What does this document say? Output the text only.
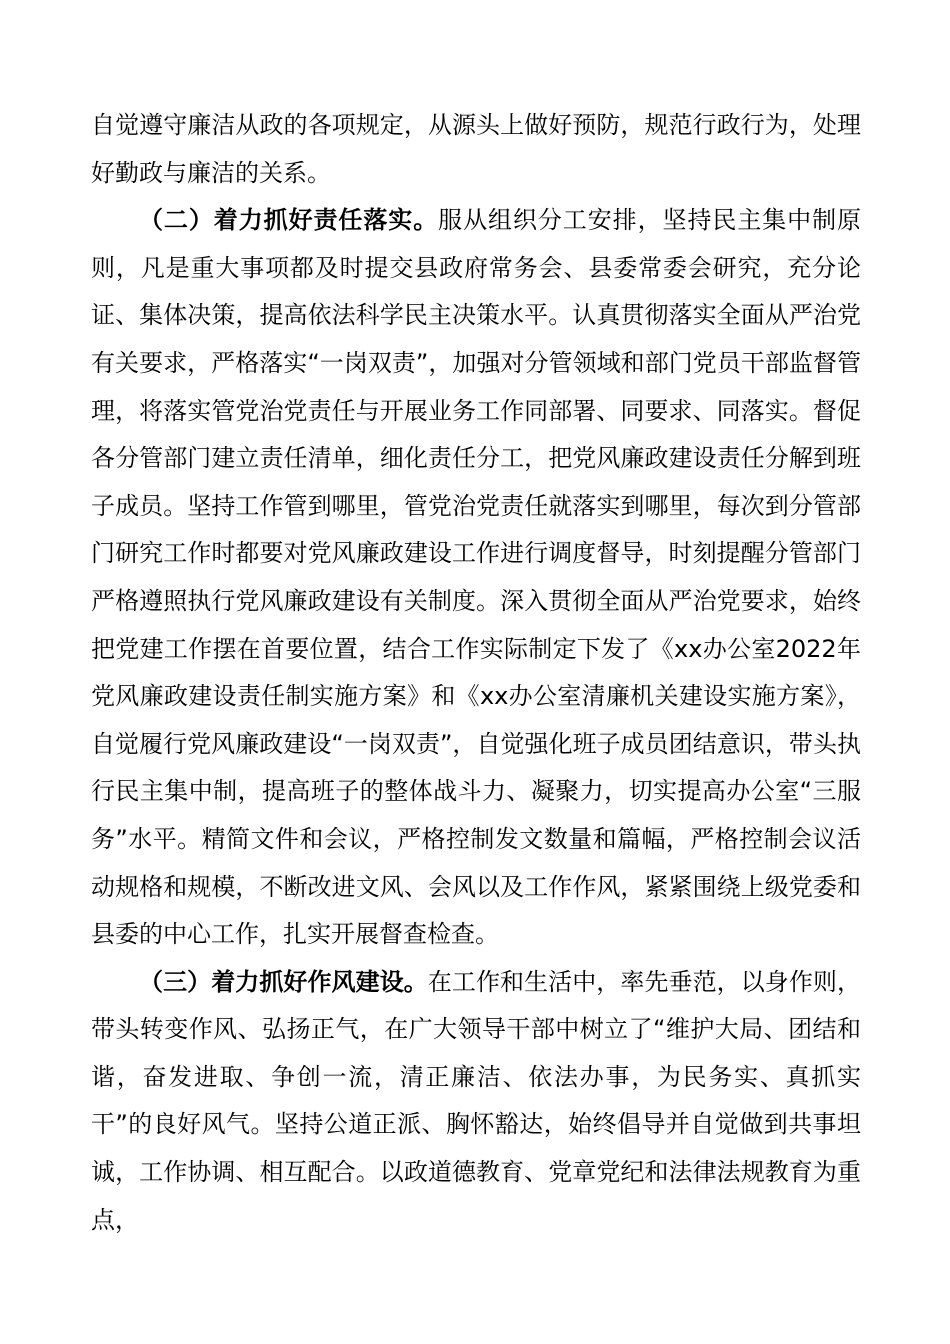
自觉遵守廉洁从政的各项规定，从源头上做好预防，规范行政行为，处理好勤政与廉洁的关系。

（二）着力抓好责任落实。服从组织分工安排，坚持民主集中制原则，凡是重大事项都及时提交县政府常务会、县委常委会研究，充分论证、集体决策，提高依法科学民主决策水平。认真贯彻落实全面从严治党有关要求，严格落实“一岗双责”，加强对分管领域和部门党员干部监督管理，将落实管党治党责任与开展业务工作同部署、同要求、同落实。督促各分管部门建立责任清单，细化责任分工，把党风廉政建设责任分解到班子成员。坚持工作管到哪里，管党治党责任就落实到哪里，每次到分管部门研究工作时都要对党风廉政建设工作进行调度督导，时刻提醒分管部门严格遵照执行党风廉政建设有关制度。深入贯彻全面从严治党要求，始终把党建工作摆在首要位置，结合工作实际制定下发了《xx办公室2022年党风廉政建设责任制实施方案》和《xx办公室清廉机关建设实施方案》，自觉履行党风廉政建设“一岗双责”，自觉强化班子成员团结意识，带头执行民主集中制，提高班子的整体战斗力、凝聚力，切实提高办公室“三服务”水平。精简文件和会议，严格控制发文数量和篇幅，严格控制会议活动规格和规模，不断改进文风、会风以及工作作风，紧紧围绕上级党委和县委的中心工作，扎实开展督查检查。

（三）着力抓好作风建设。在工作和生活中，率先垂范，以身作则，带头转变作风、弘扬正气，在广大领导干部中树立了“维护大局、团结和谐，奋发进取、争创一流，清正廉洁、依法办事，为民务实、真抓实干”的良好风气。坚持公道正派、胸怀豁达，始终倡导并自觉做到共事坦诚，工作协调、相互配合。以政道德教育、党章党纪和法律法规教育为重点，
